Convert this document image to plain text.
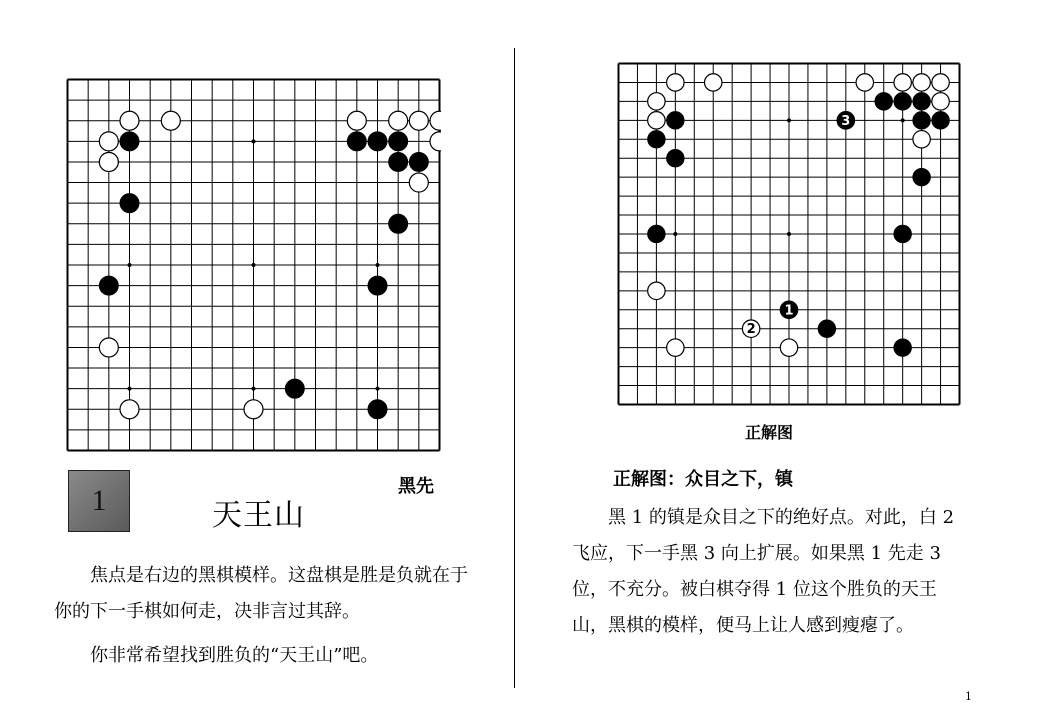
1	天王山
黑先
焦点是右边的黑棋模样。这盘棋是胜是负就在于你的下一手棋如何走，决非言过其辞。
你非常希望找到胜负的“天王山”吧。
1
2
3
正解图
正解图：众目之下，镇
黑 1 的镇是众目之下的绝好点。对此，白 2 飞应，下一手黑 3 向上扩展。如果黑 1 先走 3 位，不充分。被白棋夺得 1 位这个胜负的天王山，黑棋的模样，便马上让人感到瘦瘪了。
1
